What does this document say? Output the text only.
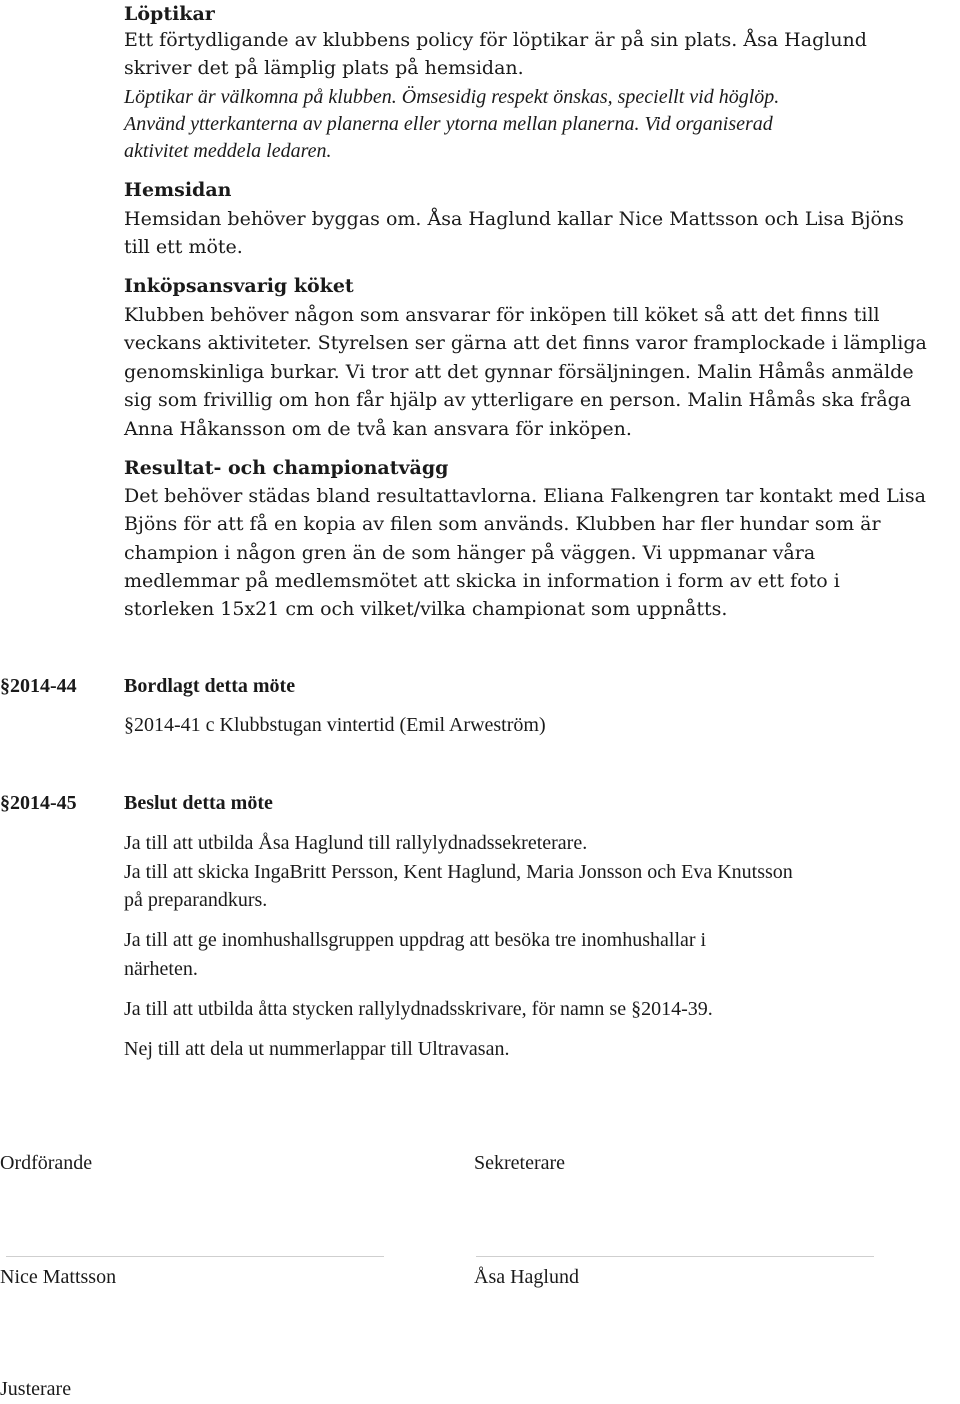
Löptikar
Ett förtydligande av klubbens policy för löptikar är på sin plats. Åsa Haglund
skriver det på lämplig plats på hemsidan.
Löptikar är välkomna på klubben. Ömsesidig respekt önskas, speciellt vid höglöp.
Använd ytterkanterna av planerna eller ytorna mellan planerna. Vid organiserad
aktivitet meddela ledaren.
Hemsidan
Hemsidan behöver byggas om. Åsa Haglund kallar Nice Mattsson och Lisa Bjöns
till ett möte.
Inköpsansvarig köket
Klubben behöver någon som ansvarar för inköpen till köket så att det finns till
veckans aktiviteter. Styrelsen ser gärna att det finns varor framplockade i lämpliga
genomskinliga burkar. Vi tror att det gynnar försäljningen. Malin Håmås anmälde
sig som frivillig om hon får hjälp av ytterligare en person. Malin Håmås ska fråga
Anna Håkansson om de två kan ansvara för inköpen.
Resultat- och championatvägg
Det behöver städas bland resultattavlorna. Eliana Falkengren tar kontakt med Lisa
Bjöns för att få en kopia av filen som används. Klubben har fler hundar som är
champion i någon gren än de som hänger på väggen. Vi uppmanar våra
medlemmar på medlemsmötet att skicka in information i form av ett foto i
storleken 15x21 cm och vilket/vilka championat som uppnåtts.
§2014-44 Bordlagt detta möte
§2014-41 c Klubbstugan vintertid (Emil Arweström)
§2014-45 Beslut detta möte
Ja till att utbilda Åsa Haglund till rallylydnadssekreterare.
Ja till att skicka IngaBritt Persson, Kent Haglund, Maria Jonsson och Eva Knutsson
på preparandkurs.
Ja till att ge inomhushallsgruppen uppdrag att besöka tre inomhushallar i
närheten.
Ja till att utbilda åtta stycken rallylydnadsskrivare, för namn se §2014-39.
Nej till att dela ut nummerlappar till Ultravasan.
Ordförande	Sekreterare
Nice Mattsson	Åsa Haglund
Justerare
